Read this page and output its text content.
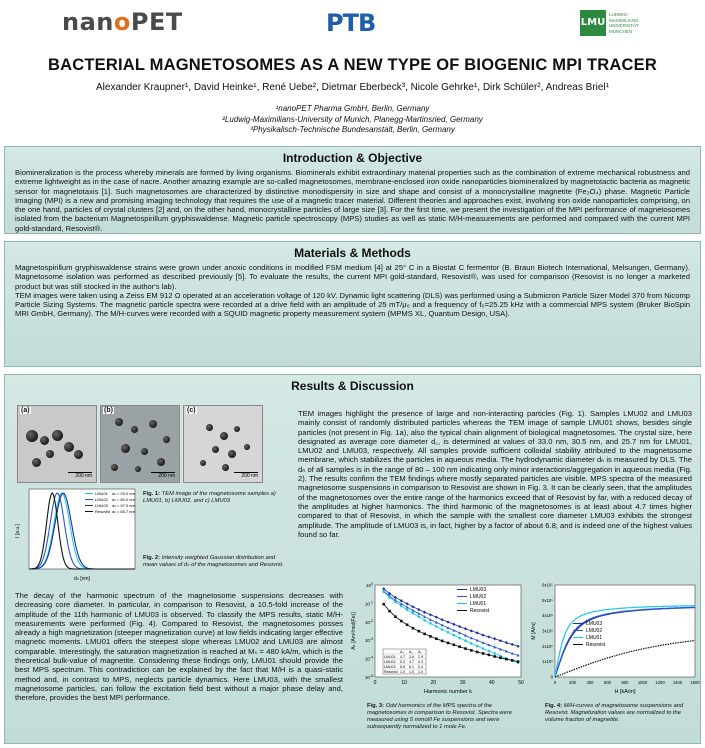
nanoPET	PTB	LMU
LUDWIG-
MAXIMILIANS-
UNIVERSITÄT
MÜNCHEN
BACTERIAL MAGNETOSOMES AS A NEW TYPE OF BIOGENIC MPI TRACER
Alexander Kraupner¹, David Heinke¹, René Uebe², Dietmar Eberbeck³, Nicole Gehrke¹, Dirk Schüler², Andreas Briel¹
¹nanoPET Pharma GmbH, Berlin, Germany
²Ludwig-Maximilians-University of Munich, Planegg-Martinsried, Germany
³Physikalisch-Technische Bundesanstalt, Berlin, Germany
Introduction & Objective
Biomineralization is the process whereby minerals are formed by living organisms. Biominerals exhibit extraordinary material properties such as the combination of extreme mechanical robustness and extreme lightweight as in the case of nacre. Another amazing example are so-called magnetosomes, membrane-enclosed iron oxide nanoparticles biomineralized by magnetotactic bacteria as magnetic sensor for magnetotaxis [1]. Such magnetosomes are characterized by distinctive monodispersity in size and shape and consist of a monocrystalline magnetite (Fe₃O₄) phase. Magnetic Particle Imaging (MPI) is a new and promising imaging technology that requires the use of a magnetic tracer material. Different theories and approaches exist, involving iron oxide nanoparticles comprising, on the one hand, particles of crystal clusters [2] and, on the other hand, monocrystalline particles of large size [3]. For the first time, we present the investigation of the MPI performance of magnetosomes isolated from the bacterium Magnetospirillum gryphiswaldense. Magnetic particle spectroscopy (MPS) studies as well as static M/H-measurements are performed and compared with the current MPI gold-standard, Resovist®.
Materials & Methods
Magnetospirillum gryphiswaldense strains were grown under anoxic conditions in modified FSM medium [4] at 25° C in a Biostat C fermentor (B. Braun Biotech International, Melsungen, Germany). Magnetosome isolation was performed as described previously [5]. To evaluate the results, the current MPI gold-standard, Resovist®, was used for comparison (Resovist is no longer a marketed product but was still stocked in the author's lab).
TEM images were taken using a Zeiss EM 912 Ω operated at an acceleration voltage of 120 kV. Dynamic light scattering (DLS) was performed using a Submicron Particle Sizer Model 370 from Nicomp Particle Sizing Systems. The magnetic particle spectra were recorded at a drive field with an amplitude of 25 mT/μ₀ and a frequency of f₀=25.25 kHz with a commercial MPS system (Bruker BioSpin MRI GmbH, Germany). The M/H-curves were recorded with a SQUID magnetic property measurement system (MPMS XL, Quantum Design, USA).
Results & Discussion
(a)
200 nm
(b)
200 nm
(c)
200 nm
Fig. 1: TEM image of the magnetosome samples a) LMU01, b) LMU02, and c) LMU03
I [a.u.]
dₕ [nm]
LMU01 dₕ = 93.0 nm
LMU02 dₕ = 80.0 nm
LMU03 dₕ = 97.0 nm
Resovist dₕ = 65.7 nm
Fig. 2: Intensity weighted Gaussian distribution and mean values of dₕ of the magnetosomes and Resovist.
TEM images highlight the presence of large and non-interacting particles (Fig. 1). Samples LMU02 and LMU03 mainly consist of randomly distributed particles whereas the TEM image of sample LMU01 shows, besides single particles (not present in Fig. 1a), also the typical chain alignment of biological magnetosomes. The crystal size, here designated as average core diameter d꜀, is determined at values of 33.0 nm, 30.5 nm, and 25.7 nm for LMU01, LMU02 and LMU03, respectively. All samples provide sufficient colloidal stability attributed to the magnetosome membrane, which stabilizes the particles in aqueous media. The hydrodynamic diameter dₕ is measured by DLS. The dₕ of all samples is in the range of 80 – 100 nm indicating only minor interactions/aggregation in aqueous media (Fig. 2). The results confirm the TEM findings where mostly separated particles are visible. MPS spectra of the measured magnetosome suspensions in comparison to Resovist are shown in Fig. 3. It can be clearly seen, that the amplitudes of the magnetosomes over the entire range of the harmonics exceed that of Resovist by far, with a reduced decay of the amplitudes at higher harmonics. The third harmonic of the magnetosomes is at least about 4.7 times higher compared to that of Resovist, in which the sample with the smallest core diameter LMU03 exhibits the strongest amplitude. The amplitude of LMU03 is, in fact, higher by a factor of about 6.8; and is indeed one of the highest values found so far.
The decay of the harmonic spectrum of the magnetosome suspensions decreases with decreasing core diameter. In particular, in comparison to Resovist, a 10.5-fold increase of the amplitude of the 11th harmonic of LMU03 is observed. To classify the MPS results, static M/H-measurements were performed (Fig. 4). Compared to Resovist, the magnetosomes posses already a high magnetization (steeper magnetization curve) at low fields indicating larger effective magnetic moments. LMU01 offers the steepest slope whereas LMU02 and LMU03 are almost comparable. Interestingly, the saturation magnetization is reached at Mₛ = 480 kA/m, which is the theoretical bulk-value of magnetite. Considering these findings only, LMU01 should provide the best MPS spectrum. This contradiction can be explained by the fact that M/H is a quasi-static method and, in contrast to MPS, neglects particle dynamics. Here LMU03, with the smallest magnetosome particles, can follow the excitation field best without a major phase delay and, therefore, provides the best MPI performance.
Aₖ [Am²/mol(Fe)]
Harmonic number k
0	10	20	30	40	50
$10^{-5}$
$10^{-4}$
$10^{-3}$
$10^{-2}$
$10^{-1}$
$10^0$
LMU03
LMU02
LMU01
Resovist
A₃ A₅ A₇
LMU01 4.7 3.6 2.9
LMU02 5.3 4.7 4.3
LMU03 6.8 6.1 5.4
Resovist 1.0 1.0 1.0
Fig. 3: Odd harmonics of the MPS spectra of the magnetosomes in comparison to Resovist. Spectra were measured using 5 mmol/l Fe suspensions and were subsequently normalized to 1 mole Fe.
M [A/m]
H [kA/m]
0	200	400	600	800 1000 1200 1400 1600
0
1x10⁵
2x10⁵
3x10⁵
4x10⁵
5x10⁵
6x10⁵
LMU03
LMU02
LMU01
Resovist
Fig. 4: M/H-curves of magnetosome suspensions and Resovist. Magnetization values are normalized to the volume fraction of magnetite.
